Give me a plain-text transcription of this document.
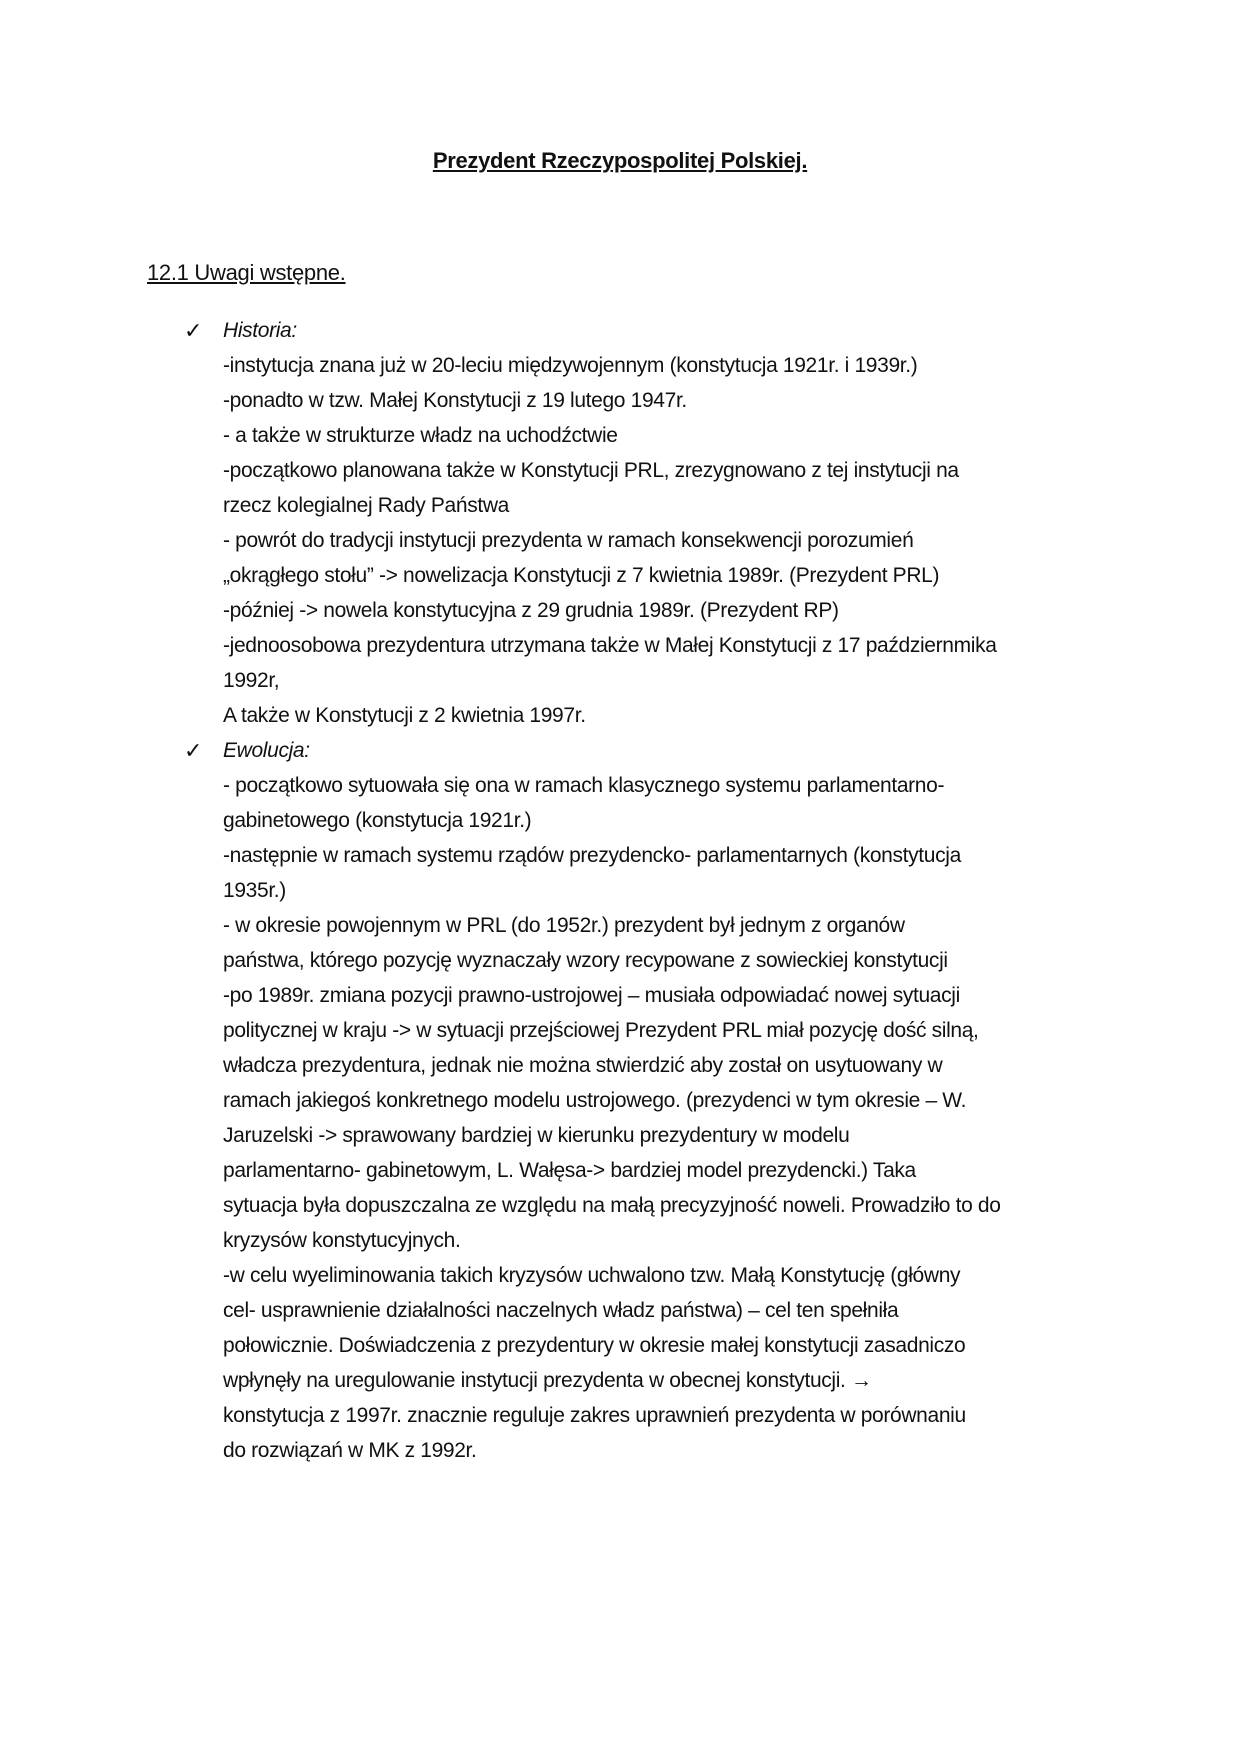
Prezydent Rzeczypospolitej Polskiej.
12.1 Uwagi wstępne.
✓ Historia:
-instytucja znana już w 20-leciu międzywojennym (konstytucja 1921r. i 1939r.)
-ponadto w tzw. Małej Konstytucji z 19 lutego 1947r.
- a także w strukturze władz na uchodźctwie
-początkowo planowana także w Konstytucji PRL, zrezygnowano z tej instytucji na
rzecz kolegialnej Rady Państwa
- powrót do tradycji instytucji prezydenta w ramach konsekwencji porozumień
„okrągłego stołu” -> nowelizacja Konstytucji z 7 kwietnia 1989r. (Prezydent PRL)
-później -> nowela konstytucyjna z 29 grudnia 1989r. (Prezydent RP)
-jednoosobowa prezydentura utrzymana także w Małej Konstytucji z 17 październmika
1992r,
A także w Konstytucji z 2 kwietnia 1997r.
✓ Ewolucja:
- początkowo sytuowała się ona w ramach klasycznego systemu parlamentarno-
gabinetowego (konstytucja 1921r.)
-następnie w ramach systemu rządów prezydencko- parlamentarnych (konstytucja
1935r.)
- w okresie powojennym w PRL (do 1952r.) prezydent był jednym z organów
państwa, którego pozycję wyznaczały wzory recypowane z sowieckiej konstytucji
-po 1989r. zmiana pozycji prawno-ustrojowej – musiała odpowiadać nowej sytuacji
politycznej w kraju -> w sytuacji przejściowej Prezydent PRL miał pozycję dość silną,
władcza prezydentura, jednak nie można stwierdzić aby został on usytuowany w
ramach jakiegoś konkretnego modelu ustrojowego. (prezydenci w tym okresie – W.
Jaruzelski -> sprawowany bardziej w kierunku prezydentury w modelu
parlamentarno- gabinetowym, L. Wałęsa-> bardziej model prezydencki.) Taka
sytuacja była dopuszczalna ze względu na małą precyzyjność noweli. Prowadziło to do
kryzysów konstytucyjnych.
-w celu wyeliminowania takich kryzysów uchwalono tzw. Małą Konstytucję (główny
cel- usprawnienie działalności naczelnych władz państwa) – cel ten spełniła
połowicznie. Doświadczenia z prezydentury w okresie małej konstytucji zasadniczo
wpłynęły na uregulowanie instytucji prezydenta w obecnej konstytucji. →
konstytucja z 1997r. znacznie reguluje zakres uprawnień prezydenta w porównaniu
do rozwiązań w MK z 1992r.
